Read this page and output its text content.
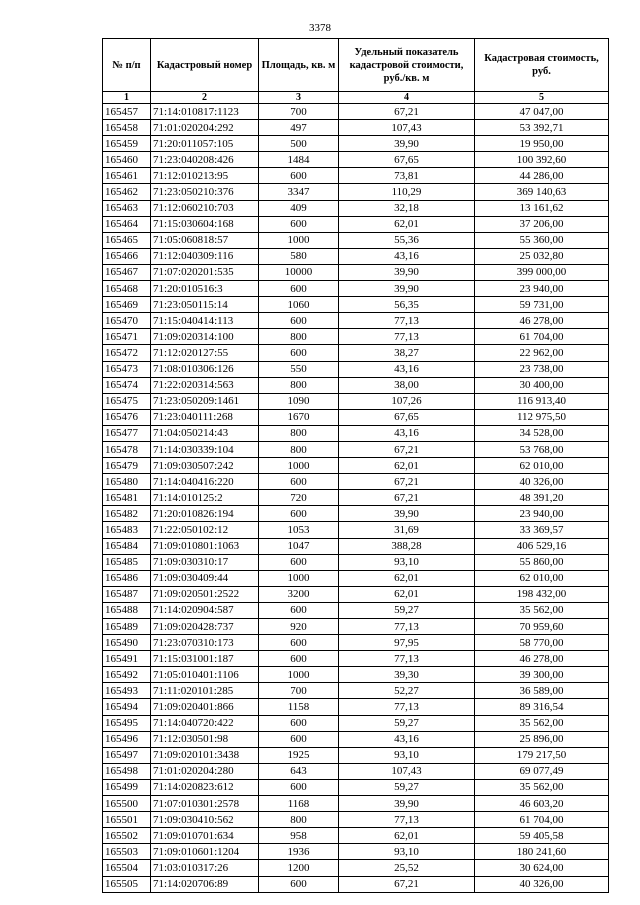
3378
№ п/п	Кадастровый номер	Площадь, кв. м	Удельный показатель кадастровой стоимости, руб./кв. м	Кадастровая стоимость, руб.
1	2	3	4	5
165457	71:14:010817:1123	700	67,21	47 047,00
165458	71:01:020204:292	497	107,43	53 392,71
165459	71:20:011057:105	500	39,90	19 950,00
165460	71:23:040208:426	1484	67,65	100 392,60
165461	71:12:010213:95	600	73,81	44 286,00
165462	71:23:050210:376	3347	110,29	369 140,63
165463	71:12:060210:703	409	32,18	13 161,62
165464	71:15:030604:168	600	62,01	37 206,00
165465	71:05:060818:57	1000	55,36	55 360,00
165466	71:12:040309:116	580	43,16	25 032,80
165467	71:07:020201:535	10000	39,90	399 000,00
165468	71:20:010516:3	600	39,90	23 940,00
165469	71:23:050115:14	1060	56,35	59 731,00
165470	71:15:040414:113	600	77,13	46 278,00
165471	71:09:020314:100	800	77,13	61 704,00
165472	71:12:020127:55	600	38,27	22 962,00
165473	71:08:010306:126	550	43,16	23 738,00
165474	71:22:020314:563	800	38,00	30 400,00
165475	71:23:050209:1461	1090	107,26	116 913,40
165476	71:23:040111:268	1670	67,65	112 975,50
165477	71:04:050214:43	800	43,16	34 528,00
165478	71:14:030339:104	800	67,21	53 768,00
165479	71:09:030507:242	1000	62,01	62 010,00
165480	71:14:040416:220	600	67,21	40 326,00
165481	71:14:010125:2	720	67,21	48 391,20
165482	71:20:010826:194	600	39,90	23 940,00
165483	71:22:050102:12	1053	31,69	33 369,57
165484	71:09:010801:1063	1047	388,28	406 529,16
165485	71:09:030310:17	600	93,10	55 860,00
165486	71:09:030409:44	1000	62,01	62 010,00
165487	71:09:020501:2522	3200	62,01	198 432,00
165488	71:14:020904:587	600	59,27	35 562,00
165489	71:09:020428:737	920	77,13	70 959,60
165490	71:23:070310:173	600	97,95	58 770,00
165491	71:15:031001:187	600	77,13	46 278,00
165492	71:05:010401:1106	1000	39,30	39 300,00
165493	71:11:020101:285	700	52,27	36 589,00
165494	71:09:020401:866	1158	77,13	89 316,54
165495	71:14:040720:422	600	59,27	35 562,00
165496	71:12:030501:98	600	43,16	25 896,00
165497	71:09:020101:3438	1925	93,10	179 217,50
165498	71:01:020204:280	643	107,43	69 077,49
165499	71:14:020823:612	600	59,27	35 562,00
165500	71:07:010301:2578	1168	39,90	46 603,20
165501	71:09:030410:562	800	77,13	61 704,00
165502	71:09:010701:634	958	62,01	59 405,58
165503	71:09:010601:1204	1936	93,10	180 241,60
165504	71:03:010317:26	1200	25,52	30 624,00
165505	71:14:020706:89	600	67,21	40 326,00
